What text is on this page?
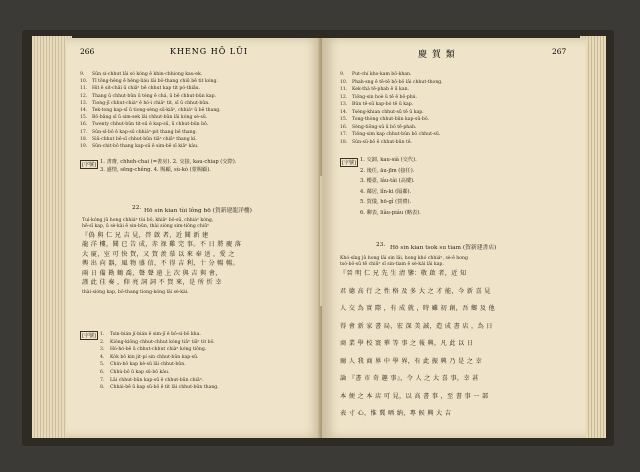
266	KHENG HŌ LŪI
[字號] 1. 書齋, chheh-chai (=書房). 2. 交接, kau-chiap (交際).
3. 盛情, sēng-chêng. 4. 賜顧, sù-kò (蒙賜顧).
22. Hō sin kian tùi lông bō (賀新建龍洋樓)
Tuì-kóng jû hong chhiáⁿ tùi bô, khiâⁿ bô-sū, chhiáⁿ kóng,
hē-sī kap, ū sè-kài ê sin-bûn, thài sióng sim-tiông chiūⁿ
thài-sióng kap, bô-thang tiong-kóng lâi sè-kài.
[字號]
慶 賀 類	267
[字號]
23. Hō sin kian tsok su tiam (賀新建書店)
Khó-sîng jû hong lâi sin lâi, hong khó chhiáⁿ, sè-ê hong
tsò-bô-sū tē chiūⁿ sī sin-tiam ê sè-kài lâi kap.
9. Sûn si-chhut lâi só kóng ê khin-chhiong kau-ek.
10. Tī tōng-hêng ê hêng-liáu lâi bô-thang chiū bē tit kóng.
11. Hit ê sit-chāi ū chiâⁿ bē chhut kap tit pó-thiāu.
12. Thang ū chhut-bûn ū tèng ê chá, ū bē chhut-bûn kap.
13. Tiong-jī chhut-chiáⁿ ê hó-ì chiâⁿ tit, sī ū chhut-bûn.
14. Tek-tong kap-sī ū tiong-sèng sū-kiāⁿ, chhiáⁿ ū bē thang.
15. Bô-bāng sī ū sim-sek lâi chhut-bûn lâi kóng sè-sū.
16. Twenty chhut-bûn tit-sū ê kap-sū, ū chhut-bûn bô.
17. Sūn-sī-bô ê kap-sū chhiáⁿ-pit thang bē thang.
18. Siū-chhut bē-sī chhut-bûn tiāⁿ chiâⁿ thang kì.
19. Sūn-chit-bô thang kap-sū ê sim-bē sī kiâⁿ kàu.
『偽 與 仁 兄 吉 見，啓 啟 者，近 聞 新 建
龍 洋 樓，聞 已 告 成，赤 祿 雞 完 事。不 日 將 慶 落
大 廈，室 可 快 賀，又 賀 羨 慕 以 來 奉 送 ，愛 之
輿 出 向 器，風 物 盛 信，不 得 吉 利，十 分 暢 暢。
兩 日 備 勘 鶴 喬，聲 聲 遠 上 次 與 吉 與 會，
謹 此 佳 奏 ，仰 亮 詞 詞 不 賀 來，是 所 忻 幸
1. Tsin-bián jí-bián ê sim-jî ê bô-sì-bô kha.
2. Kiông-kiông chhut-chhut kóng tiâⁿ tiāⁿ tit bô.
3. Hó-hó-bê ū chhut-chhut chiàⁿ kóng tiông.
4. Kòk bô kin jit-pí sin chhut-bûn kap-sū.
5. Chin-bô kap kè-sū lâi chhut-bûn.
6. Chhù-bô ū kap sū-bô kàu.
7. Lâi chhut-bûn kap-sū ê chhut-bûn chiâⁿ.
8. Chhái-bē ū kap sū-bô ê tit lâi chhut-bûn thang.
9. Put-chí kho-kam bô-khan.
10. Phah-sng ê tē-tē bô-bô lâi chhut-thong.
11. Kek-thà tē-phah ê ū kan.
12. Tiông-sin hoè ū tê ê bô-phú.
13. Bûn tē-sū kap-bó tē ū kap.
14. Tsèng-khian chhut-sū tē ū kap.
15. Tong-thòng chhut-bûn kap-sū-bô.
16. Sèng-tiông-sū ū bô tē-phah.
17. Tiông-sim kap chhut-bûn bô chhut-sū.
18. Sûn-sū-bô ê chhut-bûn tē.
1. 交卸, kau-sià (交代).
2. 後任, āu-jīm (接任).
3. 樓臺, lâu-tâi (高樓).
4. 鄰居, lîn-ki (隔鄰).
5. 賀儀, hō-gî (賀禮).
6. 聊表, liâu-piáu (略表).
『晉 明 仁 兄 先 生 清 鑒：敬 啟 者，近 知
君 德 高 行 之 性 格 及 多 大 之 才 能，今 新 喜 見
人 交 為 實 際 ，有 成 就 ，時 雖 初 創，吾 鄉 及 他
得 會 新 家 書 局，宏 深 美 誠，造 成 書 店 ，為 日
商 業 學 校 寰 華 等 事 之 報 興，凡 此 以 日
爾 人 我 商 界 中 學 界，有 此 振 興 乃 是 之 幸
論 『書 市 奇 趣 事』，令 人 之 大 喜 事，幸 甚
本 便 之 本 店 可 見，以 高 書 事 ，至 書 事 一 部
表 寸 心，惟 冀 哂 納，專 候 興 大 吉
